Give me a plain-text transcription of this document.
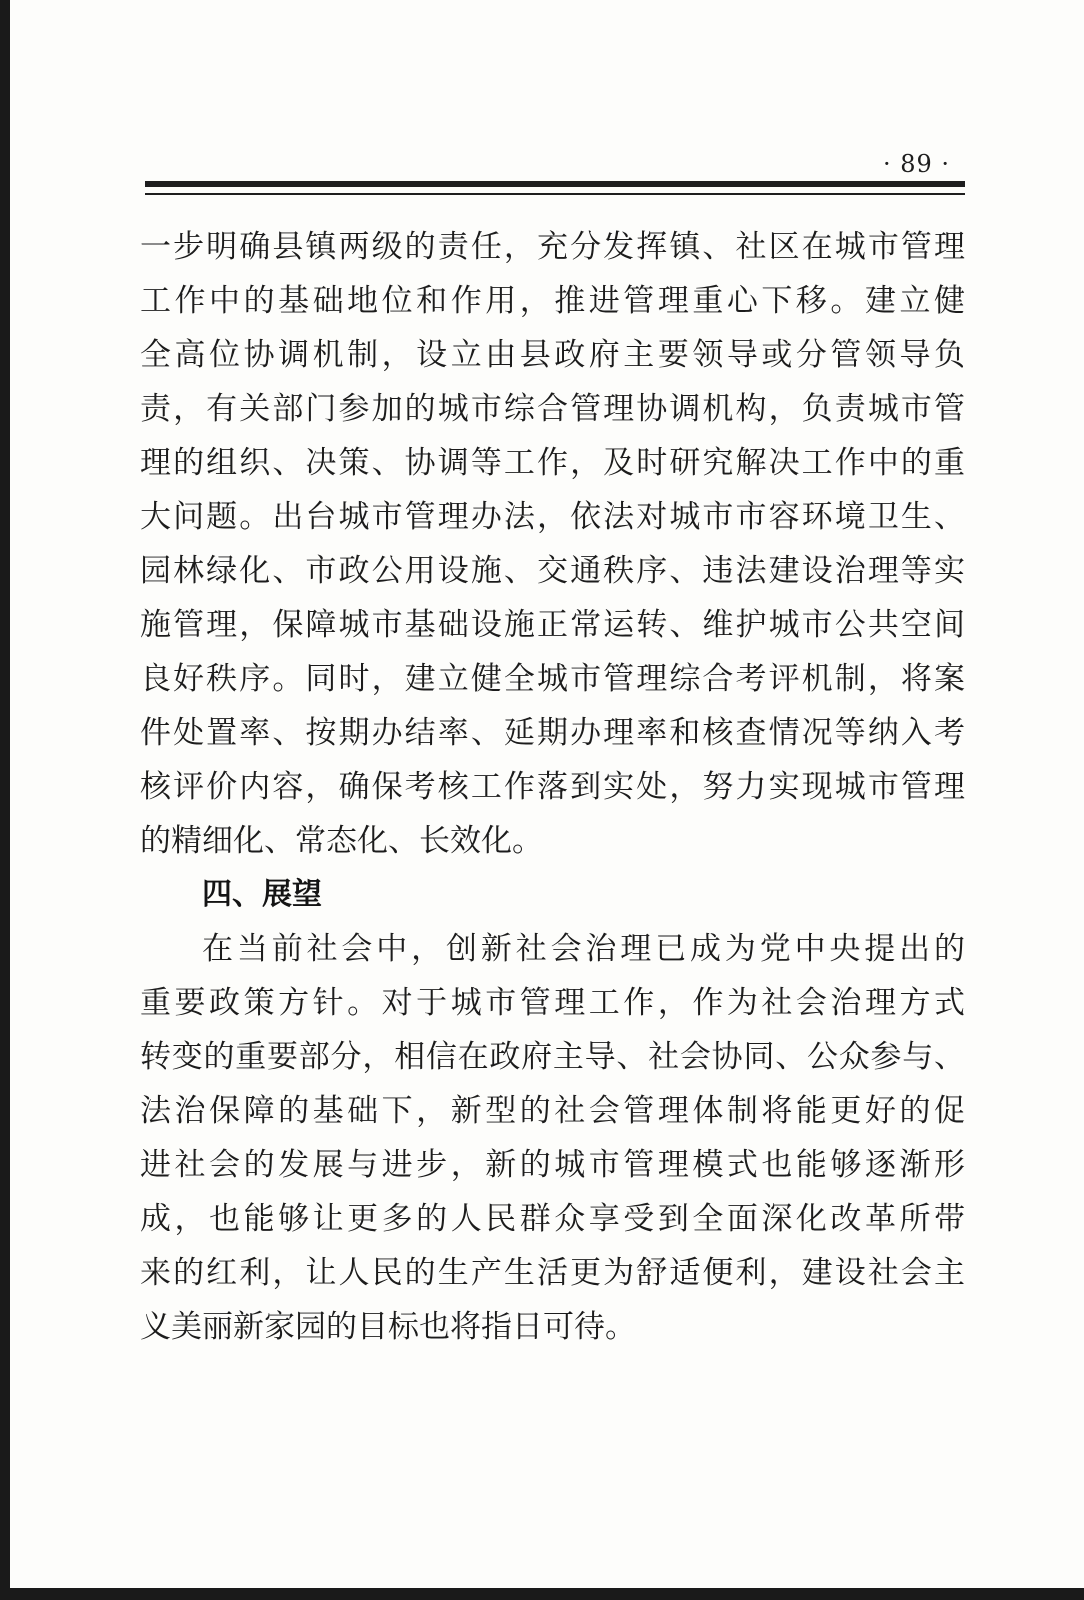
· 89 ·
一步明确县镇两级的责任，充分发挥镇、社区在城市管理
工作中的基础地位和作用，推进管理重心下移。建立健
全高位协调机制，设立由县政府主要领导或分管领导负
责，有关部门参加的城市综合管理协调机构，负责城市管
理的组织、决策、协调等工作，及时研究解决工作中的重
大问题。出台城市管理办法，依法对城市市容环境卫生、
园林绿化、市政公用设施、交通秩序、违法建设治理等实
施管理，保障城市基础设施正常运转、维护城市公共空间
良好秩序。同时，建立健全城市管理综合考评机制，将案
件处置率、按期办结率、延期办理率和核查情况等纳入考
核评价内容，确保考核工作落到实处，努力实现城市管理
的精细化、常态化、长效化。
四、展望
在当前社会中，创新社会治理已成为党中央提出的
重要政策方针。对于城市管理工作，作为社会治理方式
转变的重要部分，相信在政府主导、社会协同、公众参与、
法治保障的基础下，新型的社会管理体制将能更好的促
进社会的发展与进步，新的城市管理模式也能够逐渐形
成，也能够让更多的人民群众享受到全面深化改革所带
来的红利，让人民的生产生活更为舒适便利，建设社会主
义美丽新家园的目标也将指日可待。
